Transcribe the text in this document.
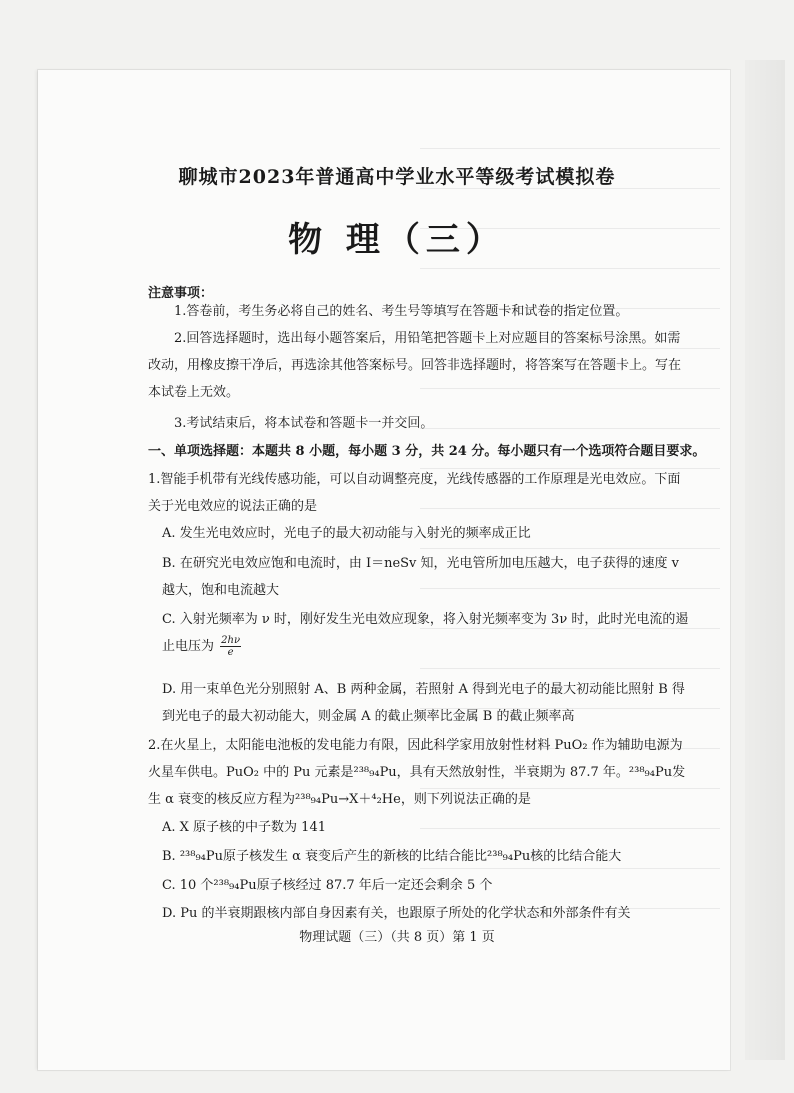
聊城市2023年普通高中学业水平等级考试模拟卷
物 理（三）
注意事项：
1.答卷前，考生务必将自己的姓名、考生号等填写在答题卡和试卷的指定位置。
2.回答选择题时，选出每小题答案后，用铅笔把答题卡上对应题目的答案标号涂黑。如需改动，用橡皮擦干净后，再选涂其他答案标号。回答非选择题时，将答案写在答题卡上。写在本试卷上无效。
3.考试结束后，将本试卷和答题卡一并交回。
一、单项选择题：本题共 8 小题，每小题 3 分，共 24 分。每小题只有一个选项符合题目要求。
1.智能手机带有光线传感功能，可以自动调整亮度，光线传感器的工作原理是光电效应。下面关于光电效应的说法正确的是
A. 发生光电效应时，光电子的最大初动能与入射光的频率成正比
B. 在研究光电效应饱和电流时，由 I＝neSv 知，光电管所加电压越大，电子获得的速度 v 越大，饱和电流越大
C. 入射光频率为 ν 时，刚好发生光电效应现象，将入射光频率变为 3ν 时，此时光电流的遏止电压为 $\frac{2h\nu}{e}$
D. 用一束单色光分别照射 A、B 两种金属，若照射 A 得到光电子的最大初动能比照射 B 得到光电子的最大初动能大，则金属 A 的截止频率比金属 B 的截止频率高
2.在火星上，太阳能电池板的发电能力有限，因此科学家用放射性材料 PuO₂ 作为辅助电源为火星车供电。PuO₂ 中的 Pu 元素是²³⁸₉₄Pu，具有天然放射性，半衰期为 87.7 年。²³⁸₉₄Pu发生 α 衰变的核反应方程为²³⁸₉₄Pu→X＋⁴₂He，则下列说法正确的是
A. X 原子核的中子数为 141
B. ²³⁸₉₄Pu原子核发生 α 衰变后产生的新核的比结合能比²³⁸₉₄Pu核的比结合能大
C. 10 个²³⁸₉₄Pu原子核经过 87.7 年后一定还会剩余 5 个
D. Pu 的半衰期跟核内部自身因素有关，也跟原子所处的化学状态和外部条件有关
物理试题（三）（共 8 页）第 1 页
